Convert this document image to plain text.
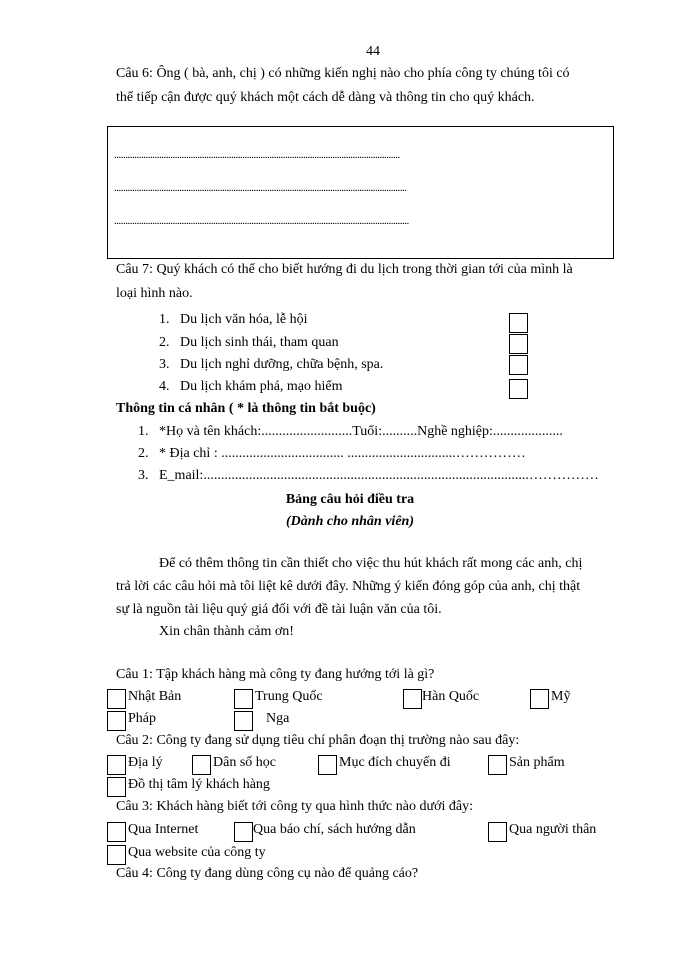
44
Câu 6: Ông ( bà, anh, chị ) có những kiến nghị nào cho phía công ty chúng tôi có
thể tiếp cận được quý khách một cách dễ dàng và thông tin cho quý khách.
...............................................................................................................................
..................................................................................................................................
...................................................................................................................................
Câu 7: Quý khách có thể cho biết hướng đi du lịch trong thời gian tới của mình là
loại hình nào.
1. Du lịch văn hóa, lễ hội
2. Du lịch sinh thái, tham quan
3. Du lịch nghỉ dưỡng, chữa bệnh, spa.
4. Du lịch khám phá, mạo hiểm
Thông tin cá nhân ( * là thông tin bắt buộc)
1. *Họ và tên khách:..........................Tuổi:..........Nghề nghiệp:....................
2. * Địa chỉ : ................................... ...............................……………
3. E_mail:.............................................................................................……………
Bảng câu hỏi điều tra
(Dành cho nhân viên)
Để có thêm thông tin cần thiết cho việc thu hút khách rất mong các anh, chị
trả lời các câu hỏi mà tôi liệt kê dưới đây. Những ý kiến đóng góp của anh, chị thật
sự là nguồn tài liệu quý giá đối với đề tài luận văn của tôi.
Xin chân thành cảm ơn!
Câu 1: Tập khách hàng mà công ty đang hướng tới là gì?
Nhật Bản	Trung Quốc	Hàn Quốc	Mỹ
Pháp	Nga
Câu 2: Công ty đang sử dụng tiêu chí phân đoạn thị trường nào sau đây:
Địa lý	Dân số học	Mục đích chuyến đi	Sản phẩm
Đồ thị tâm lý khách hàng
Câu 3: Khách hàng biết tới công ty qua hình thức nào dưới đây:
Qua Internet	Qua báo chí, sách hướng dẫn	Qua người thân
Qua website của công ty
Câu 4: Công ty đang dùng công cụ nào để quảng cáo?
